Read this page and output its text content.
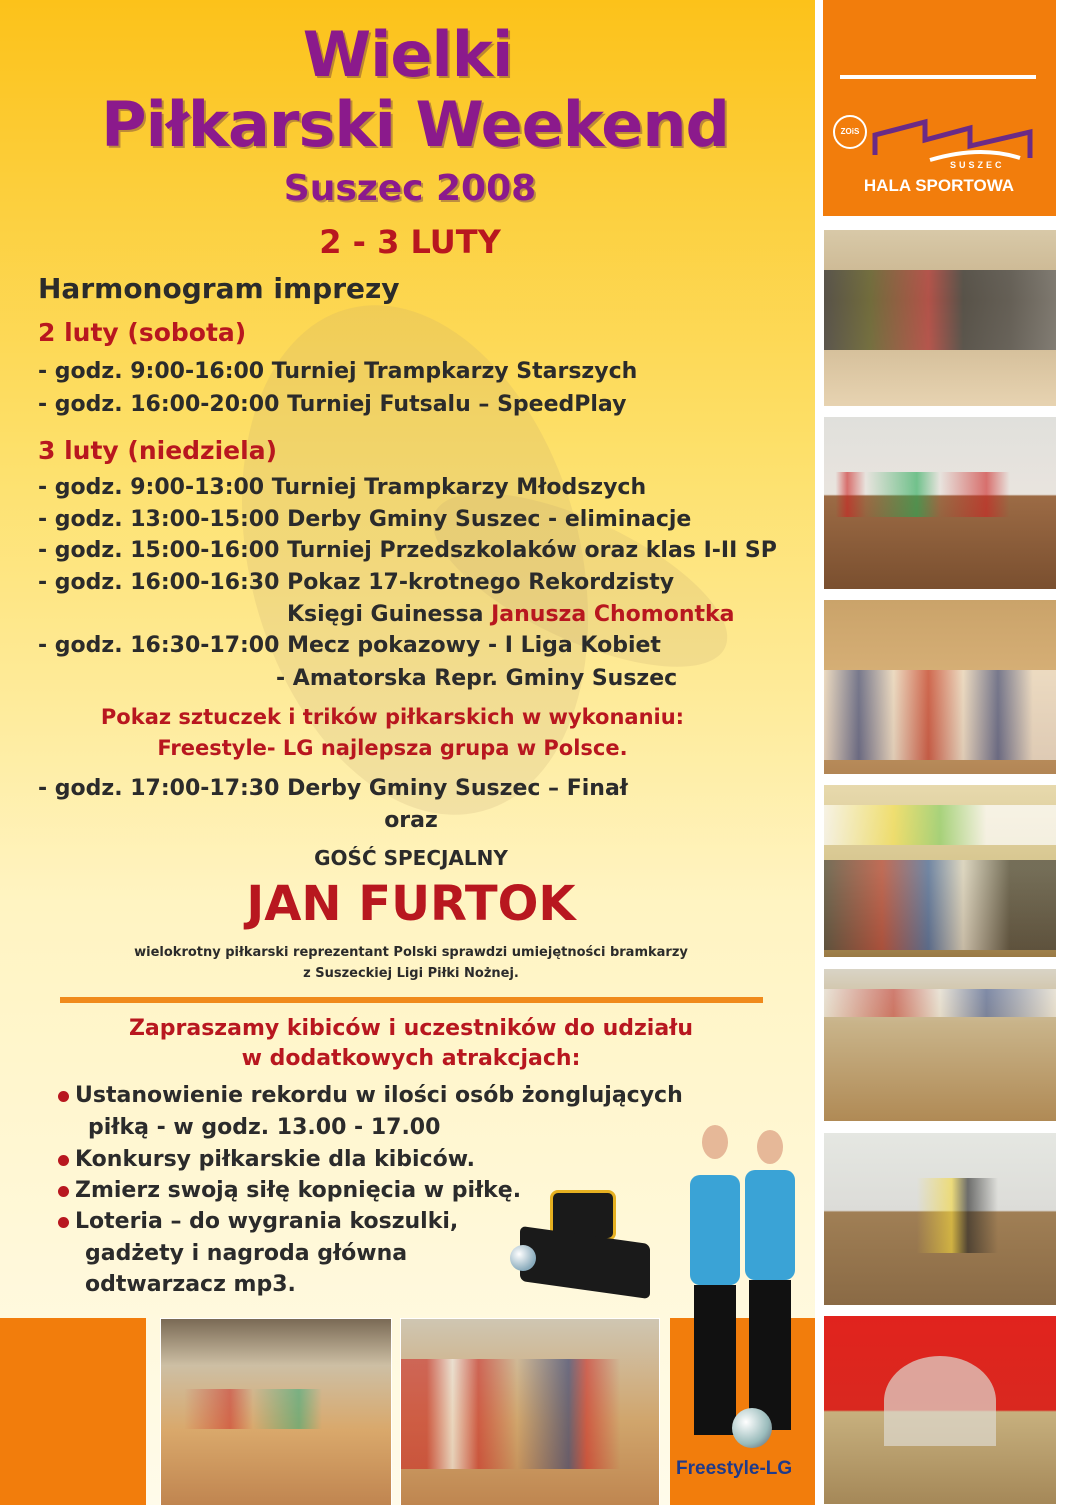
ZOiS
SUSZEC
HALA SPORTOWA
Freestyle-LG
Wielki
Piłkarski Weekend
Suszec 2008
2 - 3 LUTY
Harmonogram imprezy
2 luty (sobota)
- godz. 9:00-16:00 Turniej Trampkarzy Starszych
- godz. 16:00-20:00 Turniej Futsalu – SpeedPlay
3 luty (niedziela)
- godz. 9:00-13:00 Turniej Trampkarzy Młodszych
- godz. 13:00-15:00 Derby Gminy Suszec - eliminacje
- godz. 15:00-16:00 Turniej Przedszkolaków oraz klas I-II SP
- godz. 16:00-16:30 Pokaz 17-krotnego Rekordzisty
Księgi Guinessa Janusza Chomontka
- godz. 16:30-17:00 Mecz pokazowy - I Liga Kobiet
- Amatorska Repr. Gminy Suszec
Pokaz sztuczek i trików piłkarskich w wykonaniu:
Freestyle- LG najlepsza grupa w Polsce.
- godz. 17:00-17:30 Derby Gminy Suszec – Finał
oraz
GOŚĆ SPECJALNY
JAN FURTOK
wielokrotny piłkarski reprezentant Polski sprawdzi umiejętności bramkarzy
z Suszeckiej Ligi Piłki Nożnej.
Zapraszamy kibiców i uczestników do udziału
w dodatkowych atrakcjach:
Ustanowienie rekordu w ilości osób żonglujących
piłką - w godz. 13.00 - 17.00
Konkursy piłkarskie dla kibiców.
Zmierz swoją siłę kopnięcia w piłkę.
Loteria – do wygrania koszulki,
gadżety i nagroda główna
odtwarzacz mp3.
